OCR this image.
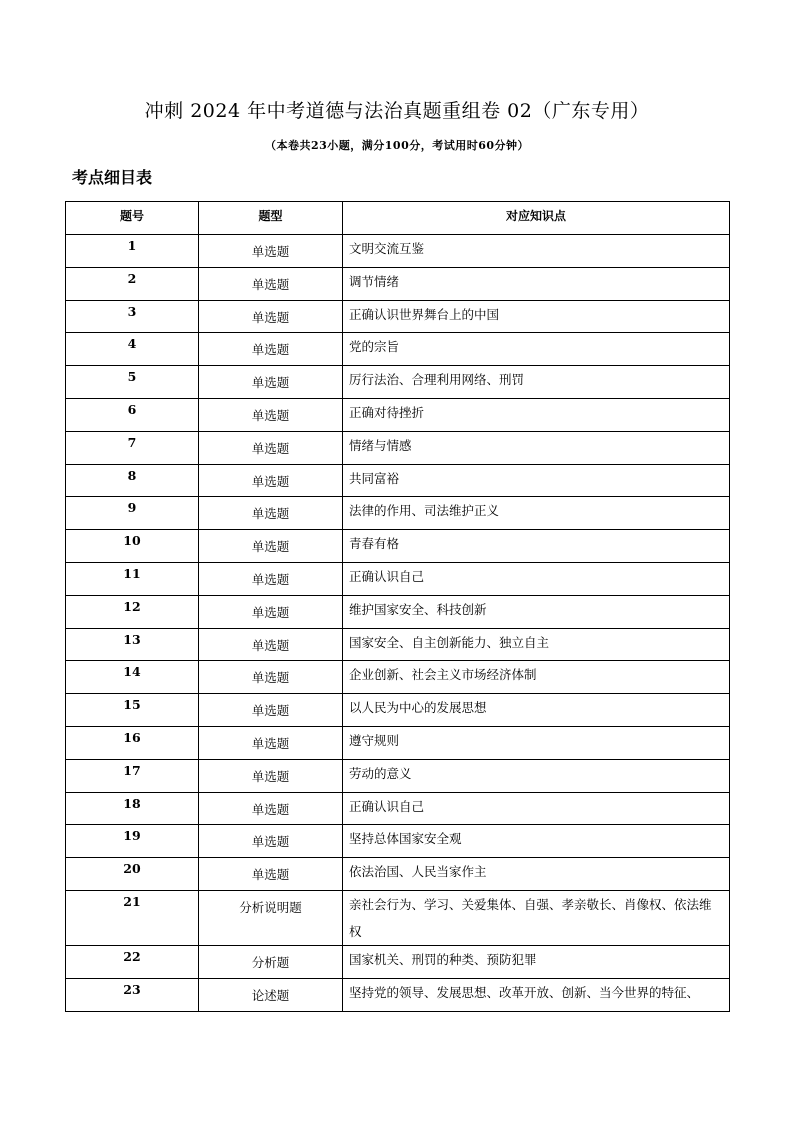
冲刺 2024 年中考道德与法治真题重组卷 02（广东专用）
（本卷共23小题，满分100分，考试用时60分钟）
考点细目表
题号	题型	对应知识点
1	单选题	文明交流互鉴
2	单选题	调节情绪
3	单选题	正确认识世界舞台上的中国
4	单选题	党的宗旨
5	单选题	厉行法治、合理利用网络、刑罚
6	单选题	正确对待挫折
7	单选题	情绪与情感
8	单选题	共同富裕
9	单选题	法律的作用、司法维护正义
10	单选题	青春有格
11	单选题	正确认识自己
12	单选题	维护国家安全、科技创新
13	单选题	国家安全、自主创新能力、独立自主
14	单选题	企业创新、社会主义市场经济体制
15	单选题	以人民为中心的发展思想
16	单选题	遵守规则
17	单选题	劳动的意义
18	单选题	正确认识自己
19	单选题	坚持总体国家安全观
20	单选题	依法治国、人民当家作主
21	分析说明题	亲社会行为、学习、关爱集体、自强、孝亲敬长、肖像权、依法维权
22	分析题	国家机关、刑罚的种类、预防犯罪
23	论述题	坚持党的领导、发展思想、改革开放、创新、当今世界的特征、
